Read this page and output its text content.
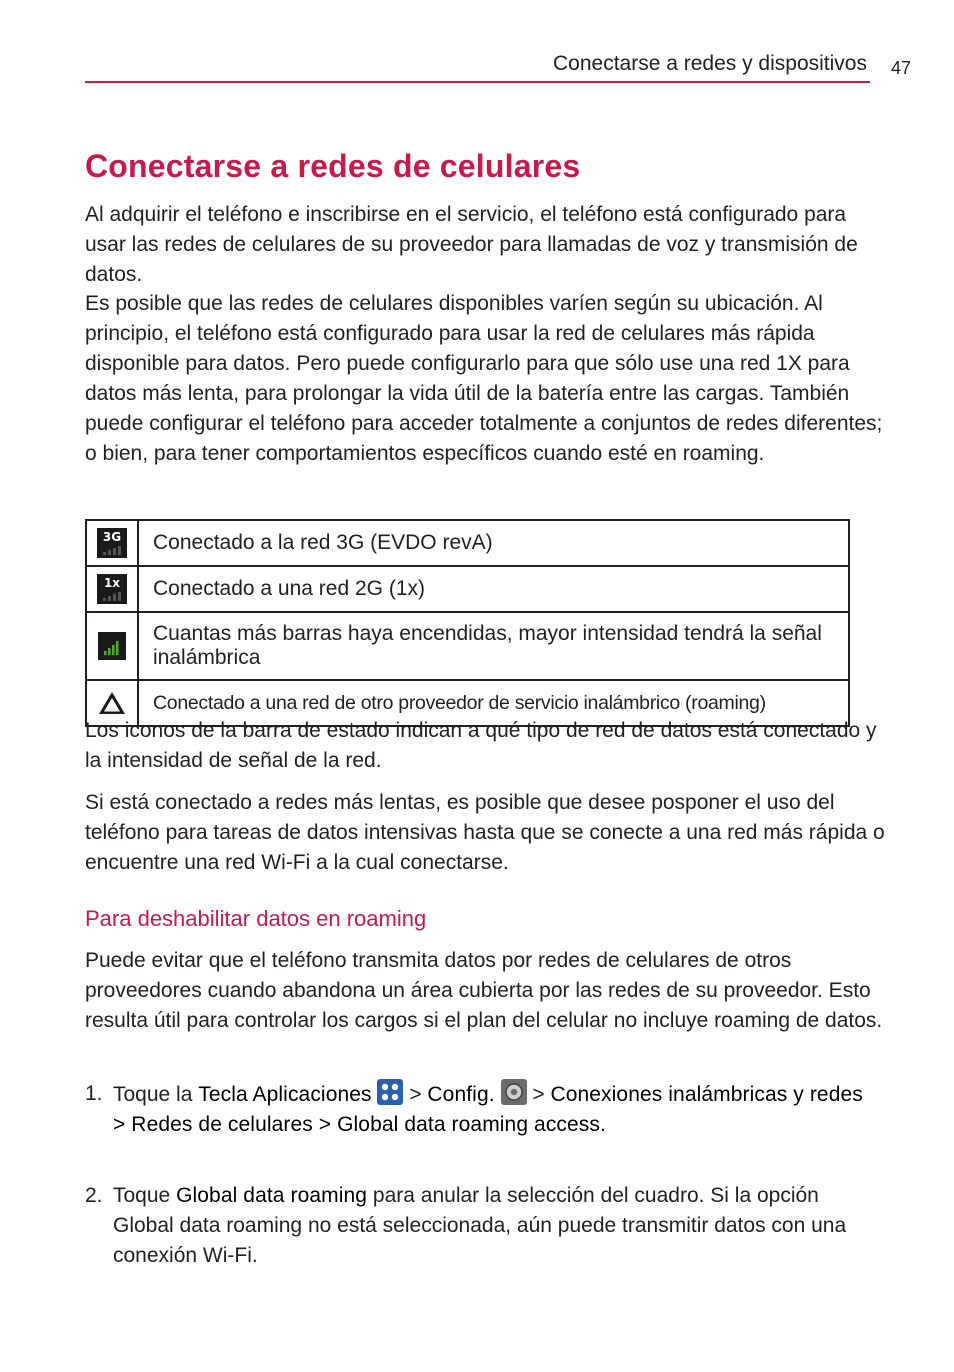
Conectarse a redes y dispositivos 47
Conectarse a redes de celulares

Al adquirir el teléfono e inscribirse en el servicio, el teléfono está configurado para usar las redes de celulares de su proveedor para llamadas de voz y transmisión de datos.

Es posible que las redes de celulares disponibles varíen según su ubicación. Al principio, el teléfono está configurado para usar la red de celulares más rápida disponible para datos. Pero puede configurarlo para que sólo use una red 1X para datos más lenta, para prolongar la vida útil de la batería entre las cargas. También puede configurar el teléfono para acceder totalmente a conjuntos de redes diferentes; o bien, para tener comportamientos específicos cuando esté en roaming.

3G	Conectado a la red 3G (EVDO revA)

1x	Conectado a una red 2G (1x)
	Cuantas más barras haya encendidas, mayor intensidad tendrá la señal inalámbrica
	Conectado a una red de otro proveedor de servicio inalámbrico (roaming)

Los iconos de la barra de estado indican a qué tipo de red de datos está conectado y la intensidad de señal de la red.

Si está conectado a redes más lentas, es posible que desee posponer el uso del teléfono para tareas de datos intensivas hasta que se conecte a una red más rápida o encuentre una red Wi-Fi a la cual conectarse.

Para deshabilitar datos en roaming

Puede evitar que el teléfono transmita datos por redes de celulares de otros proveedores cuando abandona un área cubierta por las redes de su proveedor. Esto resulta útil para controlar los cargos si el plan del celular no incluye roaming de datos.

1. Toque la Tecla Aplicaciones  > Config.  > Conexiones inalámbricas y redes > Redes de celulares > Global data roaming access.
2. Toque Global data roaming para anular la selección del cuadro. Si la opción Global data roaming no está seleccionada, aún puede transmitir datos con una conexión Wi-Fi.
